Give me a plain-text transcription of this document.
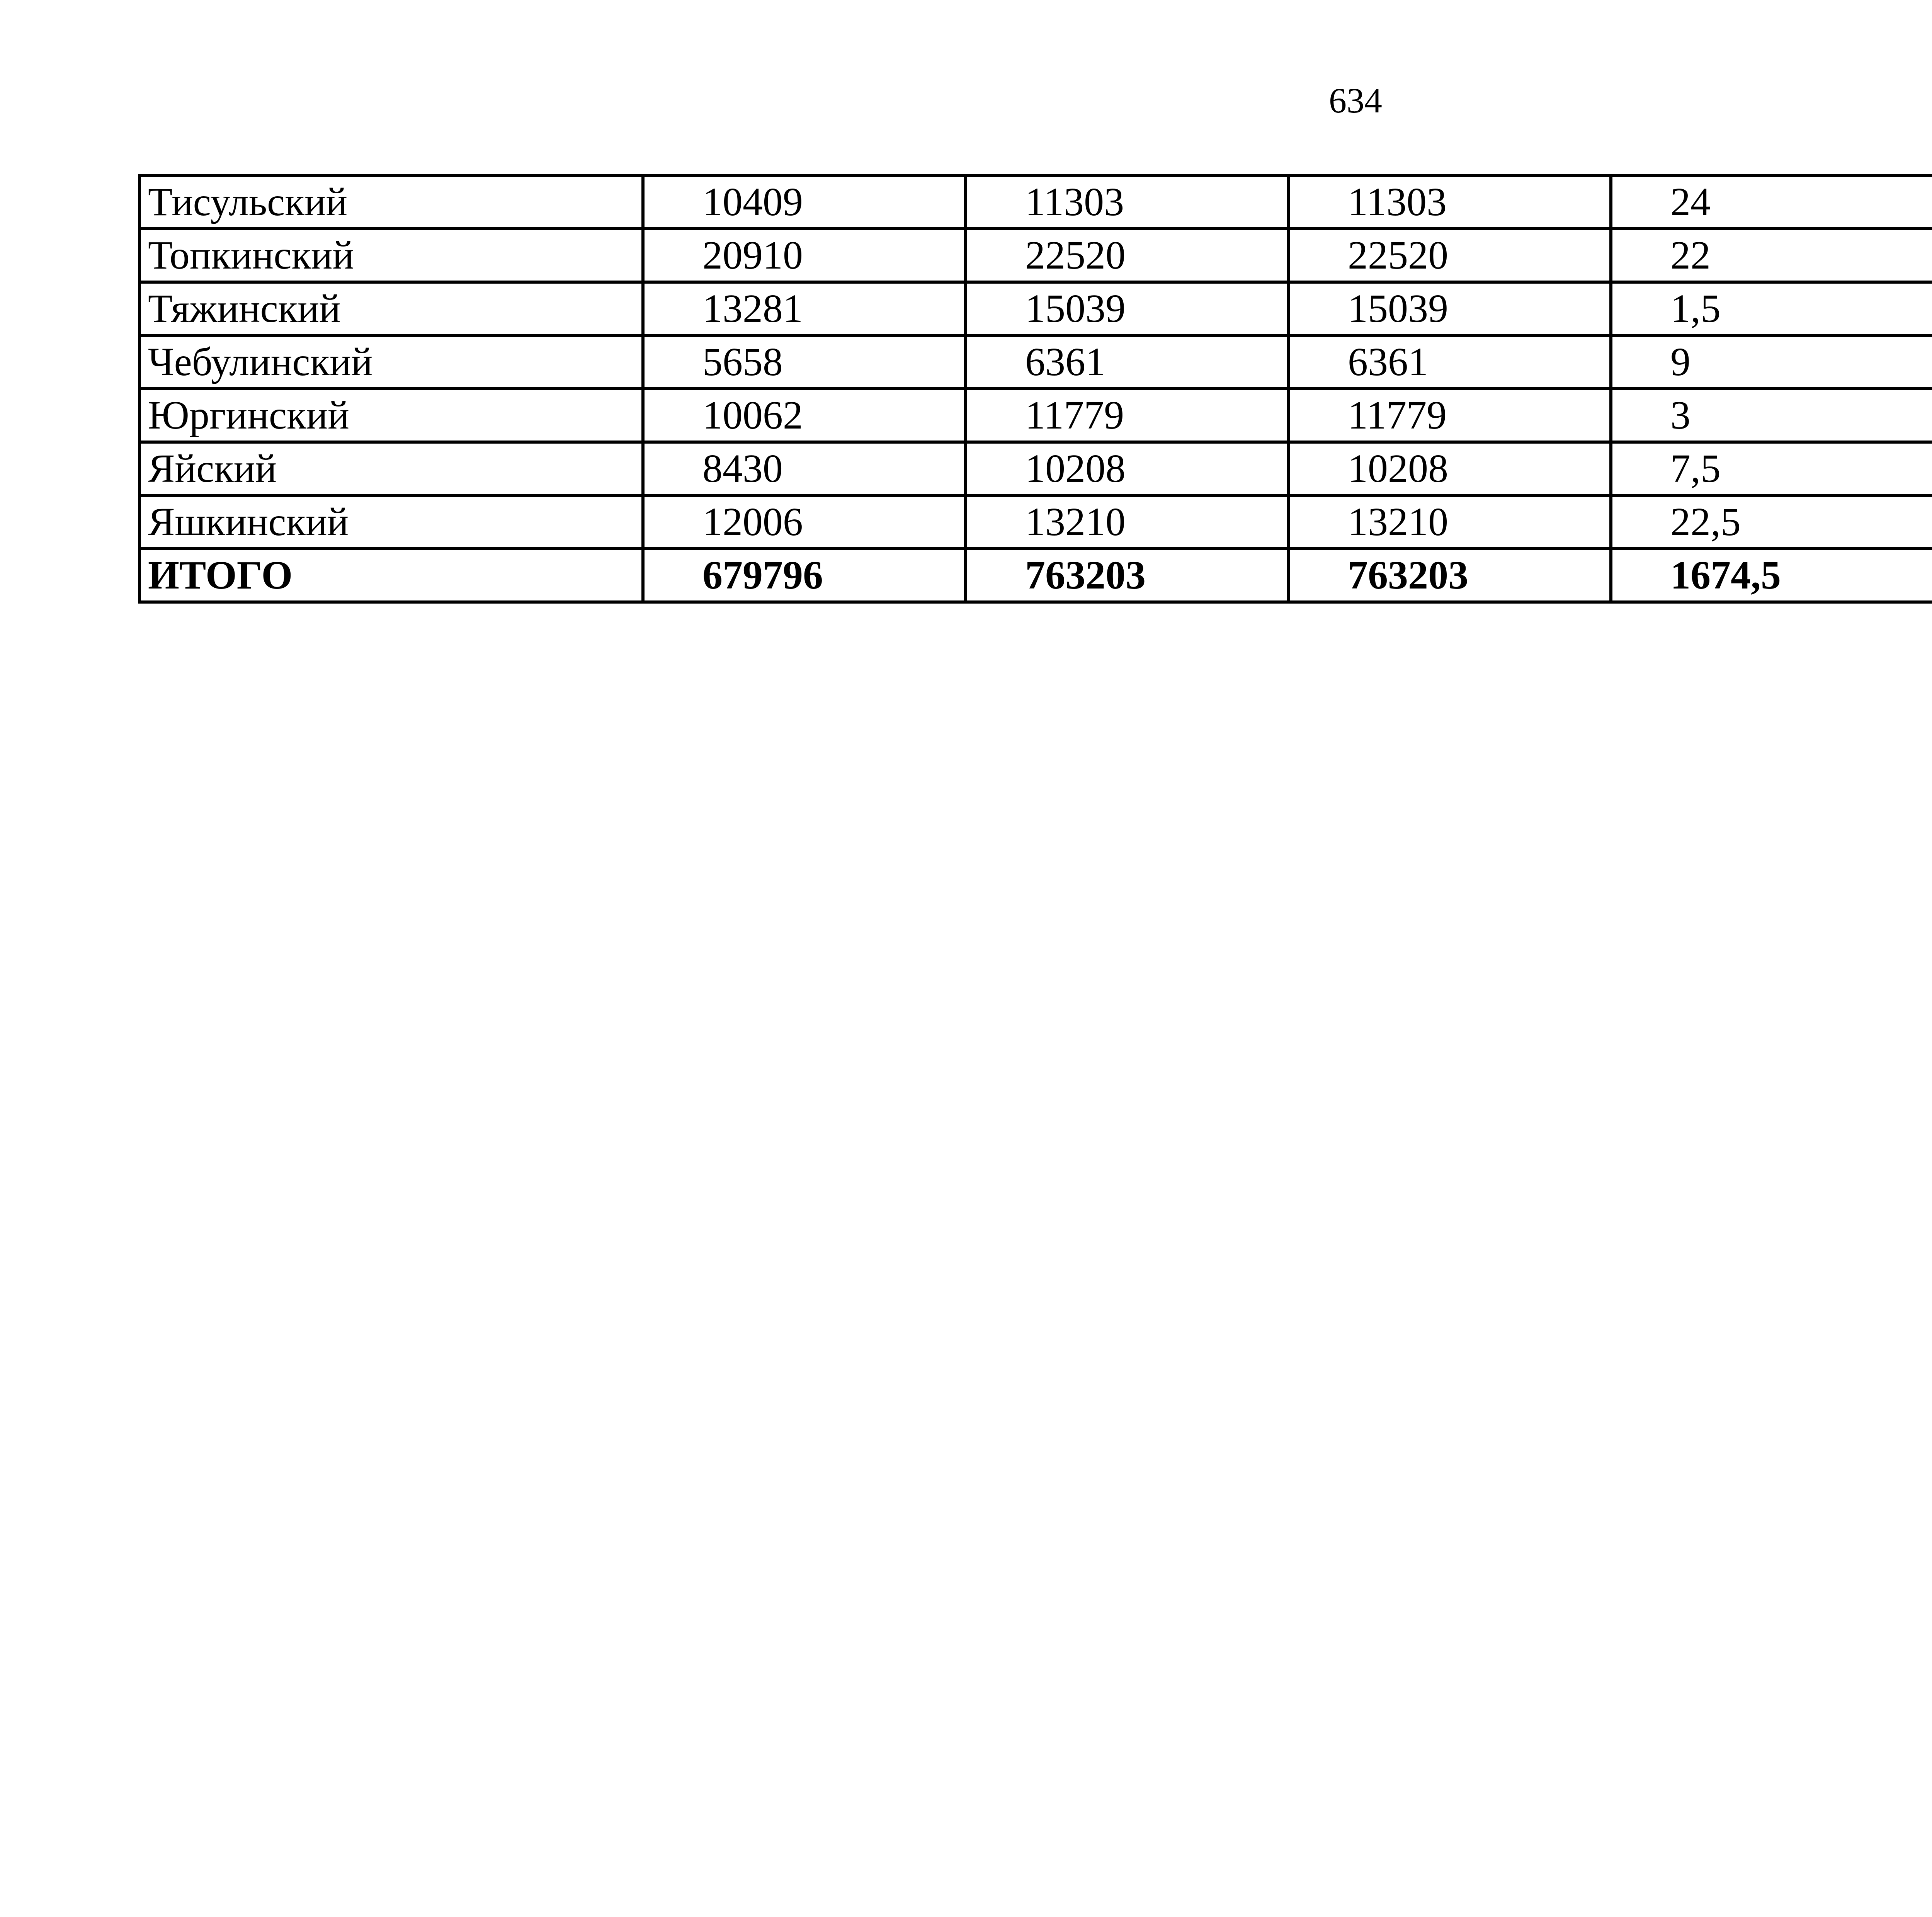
634
Тисульский	10409	11303	11303	24		
Топкинский	20910	22520	22520	22		
Тяжинский	13281	15039	15039	1,5		
Чебулинский	5658	6361	6361	9		
Юргинский	10062	11779	11779	3		
Яйский	8430	10208	10208	7,5		
Яшкинский	12006	13210	13210	22,5		
ИТОГО	679796	763203	763203	1674,5		
